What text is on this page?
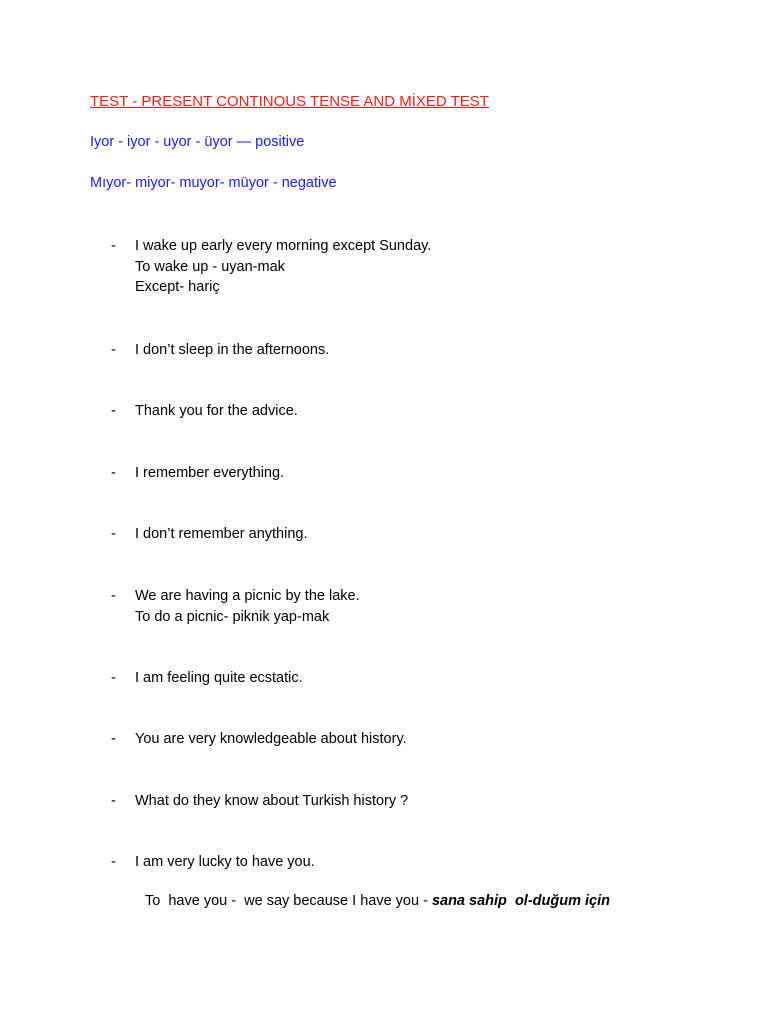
TEST - PRESENT CONTINOUS TENSE AND MİXED TEST
Iyor - iyor - uyor - üyor — positive
Mıyor- miyor- muyor- müyor - negative
-	I wake up early every morning except Sunday.
To wake up - uyan-mak
Except- hariç
-	I don’t sleep in the afternoons.
-	Thank you for the advice.
-	I remember everything.
-	I don’t remember anything.
-	We are having a picnic by the lake.
To do a picnic- piknik yap-mak
-	I am feeling quite ecstatic.
-	You are very knowledgeable about history.
-	What do they know about Turkish history ?
-	I am very lucky to have you.
To  have you -  we say because I have you - sana sahip  ol-duğum için
